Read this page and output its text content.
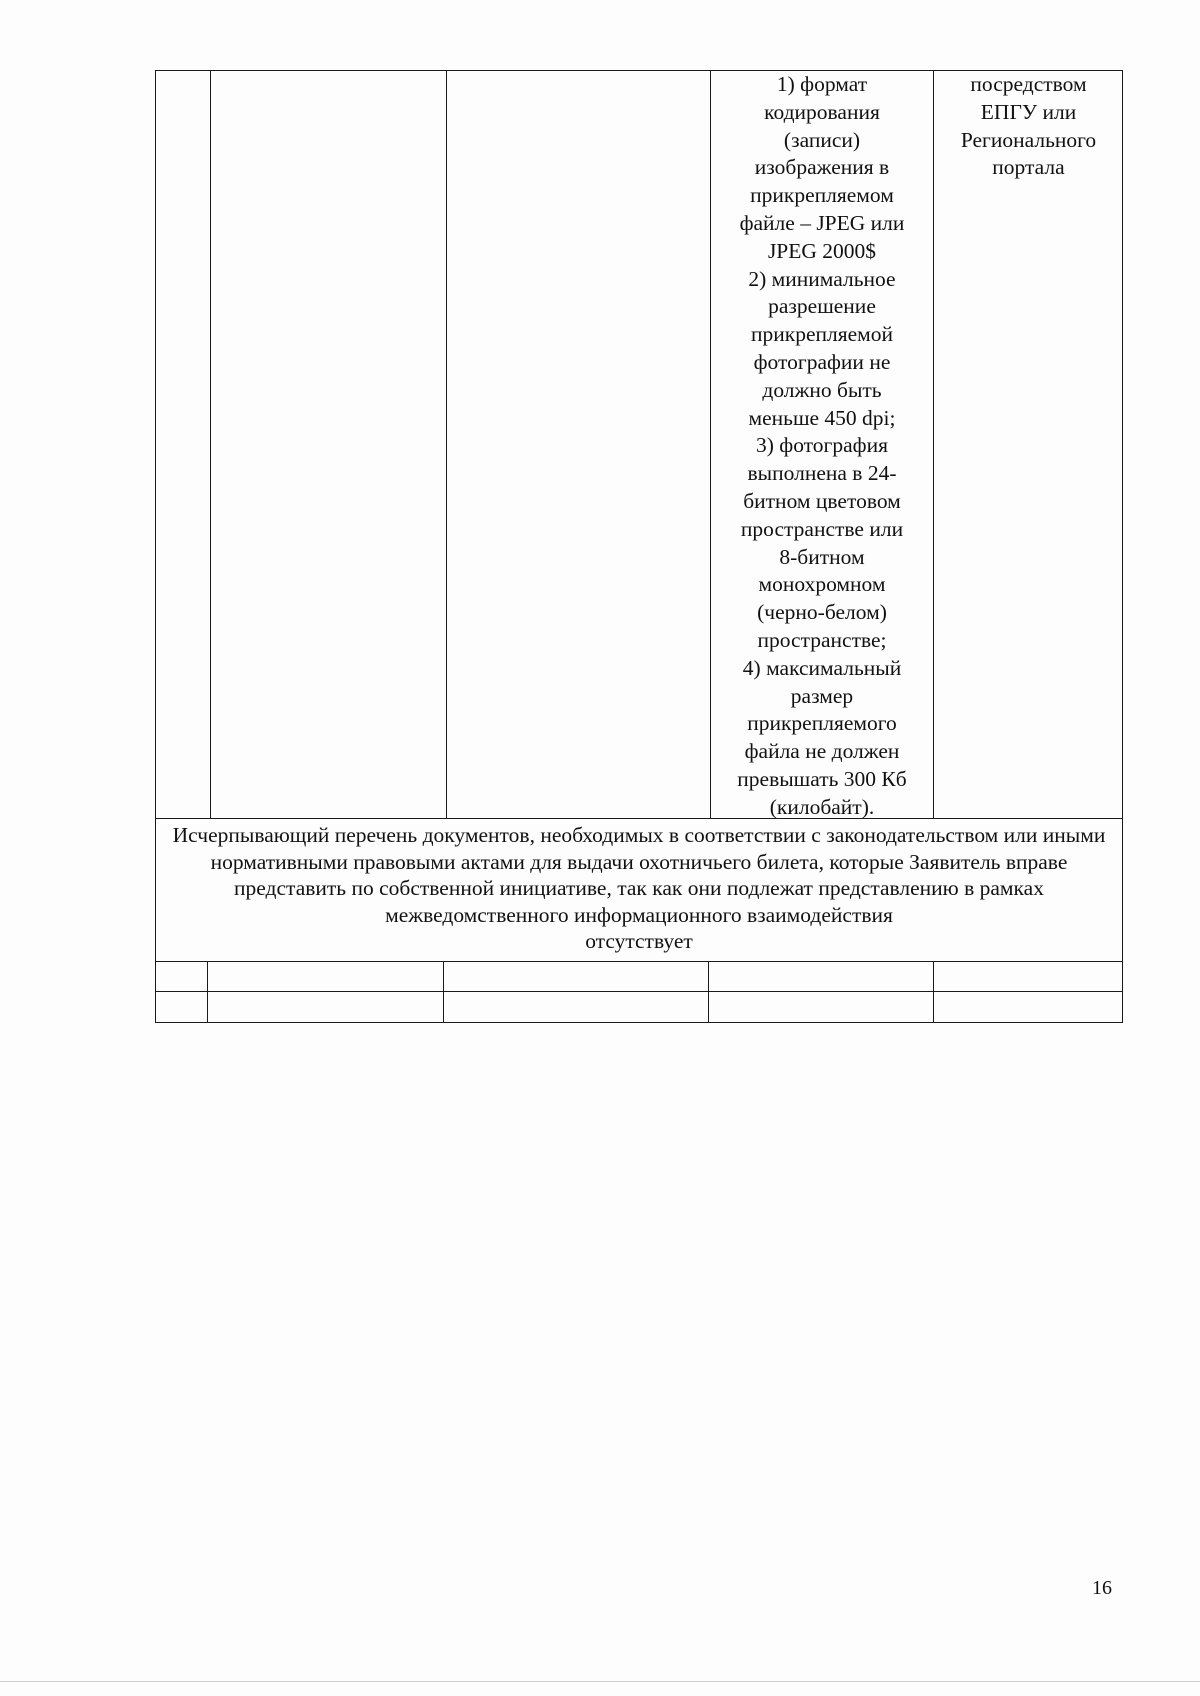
1) формат
кодирования
(записи)
изображения в
прикрепляемом
файле – JPEG или
JPEG 2000$
2) минимальное
разрешение
прикрепляемой
фотографии не
должно быть
меньше 450 dpi;
3) фотография
выполнена в 24-
битном цветовом
пространстве или
8-битном
монохромном
(черно-белом)
пространстве;
4) максимальный
размер
прикрепляемого
файла не должен
превышать 300 Кб
(килобайт).
посредством
ЕПГУ или
Регионального
портала
Исчерпывающий перечень документов, необходимых в соответствии с законодательством или иными нормативными правовыми актами для выдачи охотничьего билета, которые Заявитель вправе представить по собственной инициативе, так как они подлежат представлению в рамках межведомственного информационного взаимодействия
отсутствует
16
